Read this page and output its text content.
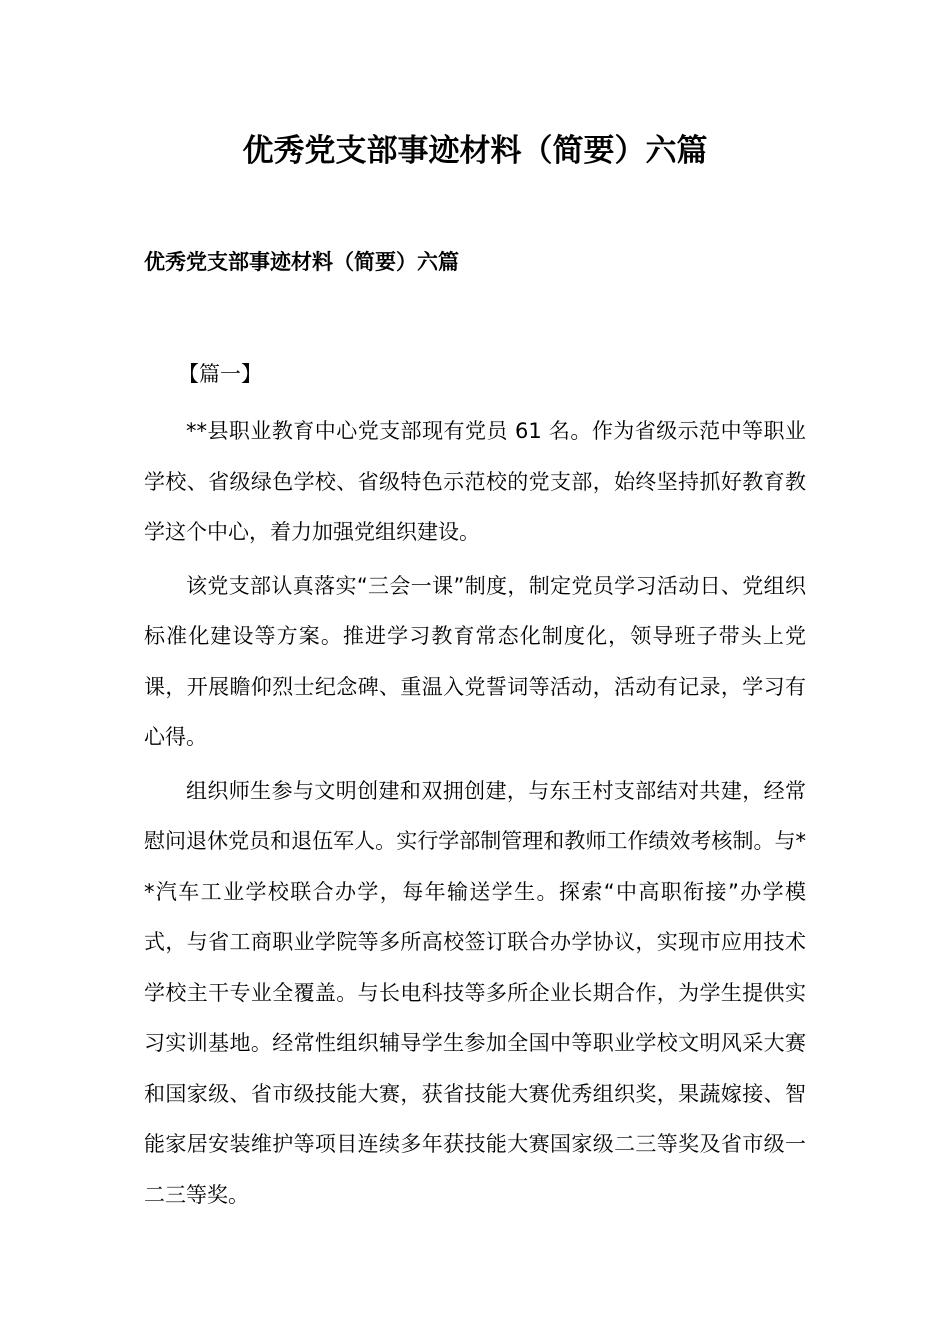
优秀党支部事迹材料（简要）六篇
优秀党支部事迹材料（简要）六篇
【篇一】

**县职业教育中心党支部现有党员 61 名。作为省级示范中等职业学校、省级绿色学校、省级特色示范校的党支部，始终坚持抓好教育教学这个中心，着力加强党组织建设。

该党支部认真落实“三会一课”制度，制定党员学习活动日、党组织标准化建设等方案。推进学习教育常态化制度化，领导班子带头上党课，开展瞻仰烈士纪念碑、重温入党誓词等活动，活动有记录，学习有心得。

组织师生参与文明创建和双拥创建，与东王村支部结对共建，经常慰问退休党员和退伍军人。实行学部制管理和教师工作绩效考核制。与**汽车工业学校联合办学，每年输送学生。探索“中高职衔接”办学模式，与省工商职业学院等多所高校签订联合办学协议，实现市应用技术学校主干专业全覆盖。与长电科技等多所企业长期合作，为学生提供实习实训基地。经常性组织辅导学生参加全国中等职业学校文明风采大赛和国家级、省市级技能大赛，获省技能大赛优秀组织奖，果蔬嫁接、智能家居安装维护等项目连续多年获技能大赛国家级二三等奖及省市级一二三等奖。
